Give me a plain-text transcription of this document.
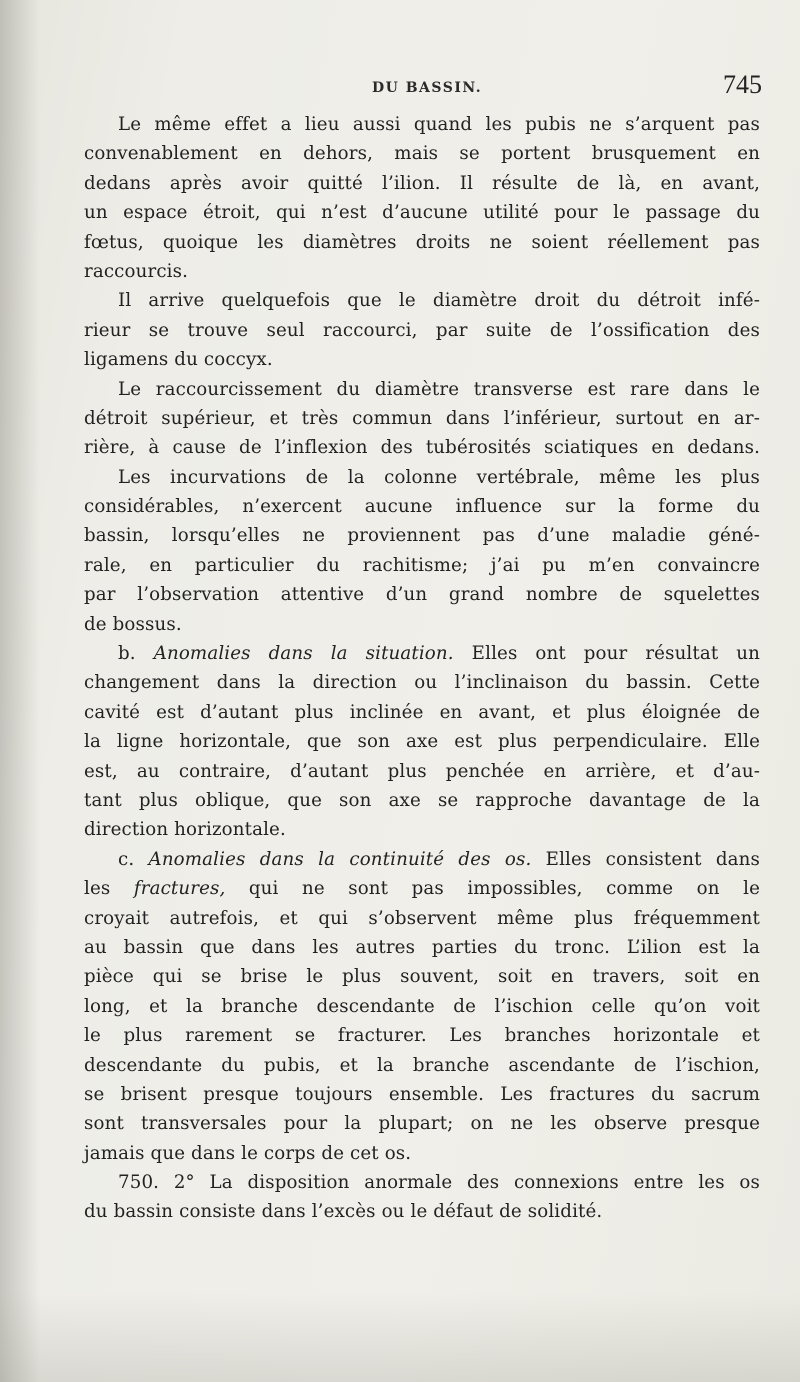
DU BASSIN.	745
Le même effet a lieu aussi quand les pubis ne s’arquent pas
convenablement en dehors, mais se portent brusquement en
dedans après avoir quitté l’ilion. Il résulte de là, en avant,
un espace étroit, qui n’est d’aucune utilité pour le passage du
fœtus, quoique les diamètres droits ne soient réellement pas
raccourcis.
Il arrive quelquefois que le diamètre droit du détroit infé-
rieur se trouve seul raccourci, par suite de l’ossification des
ligamens du coccyx.
Le raccourcissement du diamètre transverse est rare dans le
détroit supérieur, et très commun dans l’inférieur, surtout en ar-
rière, à cause de l’inflexion des tubérosités sciatiques en dedans.
Les incurvations de la colonne vertébrale, même les plus
considérables, n’exercent aucune influence sur la forme du
bassin, lorsqu’elles ne proviennent pas d’une maladie géné-
rale, en particulier du rachitisme; j’ai pu m’en convaincre
par l’observation attentive d’un grand nombre de squelettes
de bossus.
b. Anomalies dans la situation. Elles ont pour résultat un
changement dans la direction ou l’inclinaison du bassin. Cette
cavité est d’autant plus inclinée en avant, et plus éloignée de
la ligne horizontale, que son axe est plus perpendiculaire. Elle
est, au contraire, d’autant plus penchée en arrière, et d’au-
tant plus oblique, que son axe se rapproche davantage de la
direction horizontale.
c. Anomalies dans la continuité des os. Elles consistent dans
les fractures, qui ne sont pas impossibles, comme on le
croyait autrefois, et qui s’observent même plus fréquemment
au bassin que dans les autres parties du tronc. L’ilion est la
pièce qui se brise le plus souvent, soit en travers, soit en
long, et la branche descendante de l’ischion celle qu’on voit
le plus rarement se fracturer. Les branches horizontale et
descendante du pubis, et la branche ascendante de l’ischion,
se brisent presque toujours ensemble. Les fractures du sacrum
sont transversales pour la plupart; on ne les observe presque
jamais que dans le corps de cet os.
750. 2° La disposition anormale des connexions entre les os
du bassin consiste dans l’excès ou le défaut de solidité.
